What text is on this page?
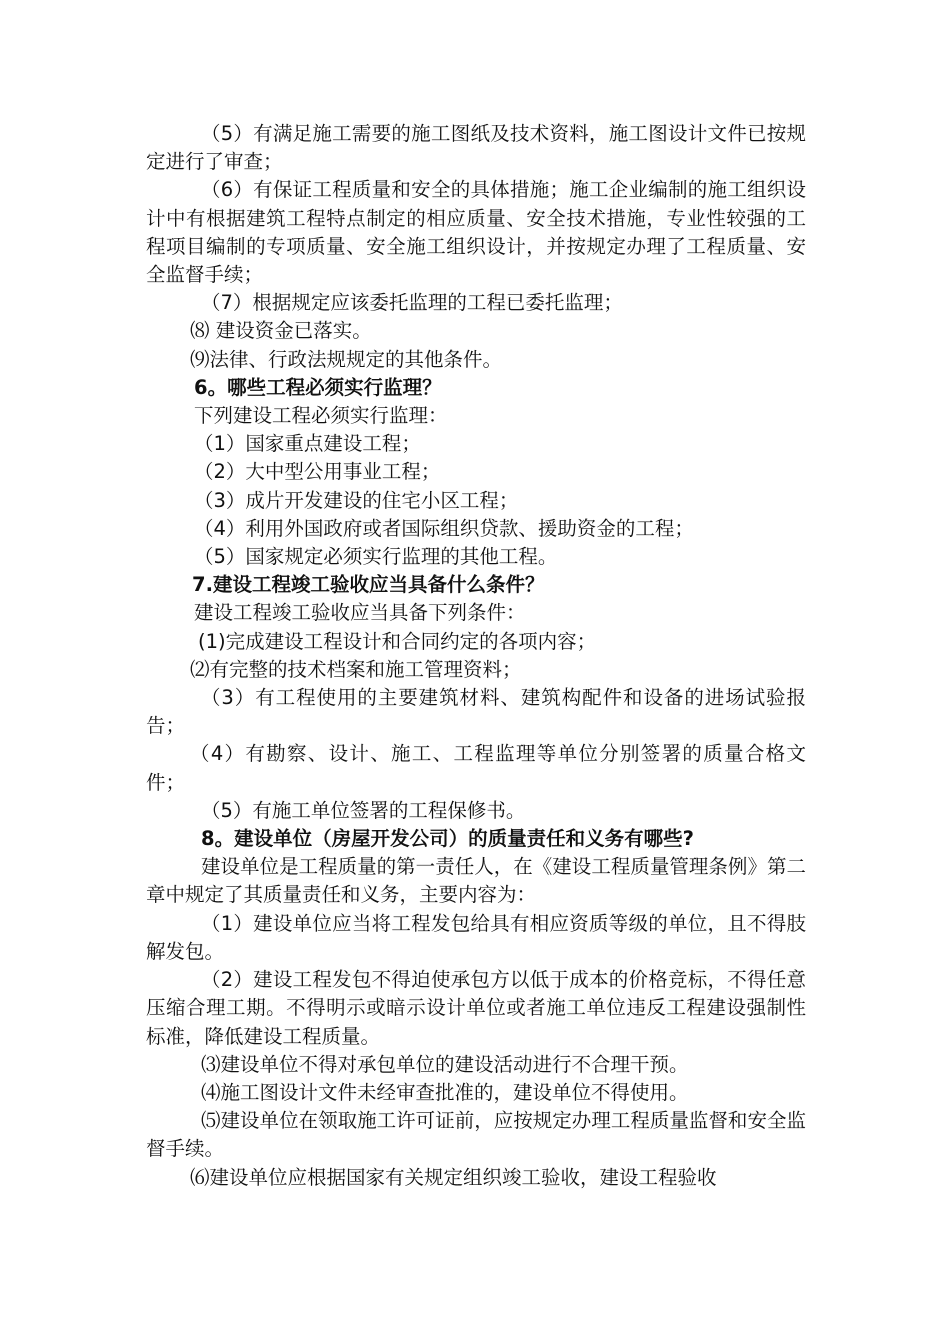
（5）有满足施工需要的施工图纸及技术资料，施工图设计文件已按规定进行了审查；

（6）有保证工程质量和安全的具体措施；施工企业编制的施工组织设计中有根据建筑工程特点制定的相应质量、安全技术措施，专业性较强的工程项目编制的专项质量、安全施工组织设计，并按规定办理了工程质量、安全监督手续；

（7）根据规定应该委托监理的工程已委托监理；

⑻ 建设资金已落实。

⑼法律、行政法规规定的其他条件。

6。哪些工程必须实行监理？

下列建设工程必须实行监理：

（1）国家重点建设工程；

（2）大中型公用事业工程；

（3）成片开发建设的住宅小区工程；

（4）利用外国政府或者国际组织贷款、援助资金的工程；

（5）国家规定必须实行监理的其他工程。

7.建设工程竣工验收应当具备什么条件？

建设工程竣工验收应当具备下列条件：

(1)完成建设工程设计和合同约定的各项内容；

⑵有完整的技术档案和施工管理资料；

（3）有工程使用的主要建筑材料、建筑构配件和设备的进场试验报告；

（4）有勘察、设计、施工、工程监理等单位分别签署的质量合格文件；

（5）有施工单位签署的工程保修书。

8。建设单位（房屋开发公司）的质量责任和义务有哪些?

建设单位是工程质量的第一责任人，在《建设工程质量管理条例》第二章中规定了其质量责任和义务，主要内容为：

（1）建设单位应当将工程发包给具有相应资质等级的单位，且不得肢解发包。

（2）建设工程发包不得迫使承包方以低于成本的价格竞标，不得任意压缩合理工期。不得明示或暗示设计单位或者施工单位违反工程建设强制性标准，降低建设工程质量。

⑶建设单位不得对承包单位的建设活动进行不合理干预。

⑷施工图设计文件未经审查批准的，建设单位不得使用。

⑸建设单位在领取施工许可证前，应按规定办理工程质量监督和安全监督手续。

⑹建设单位应根据国家有关规定组织竣工验收，建设工程验收
